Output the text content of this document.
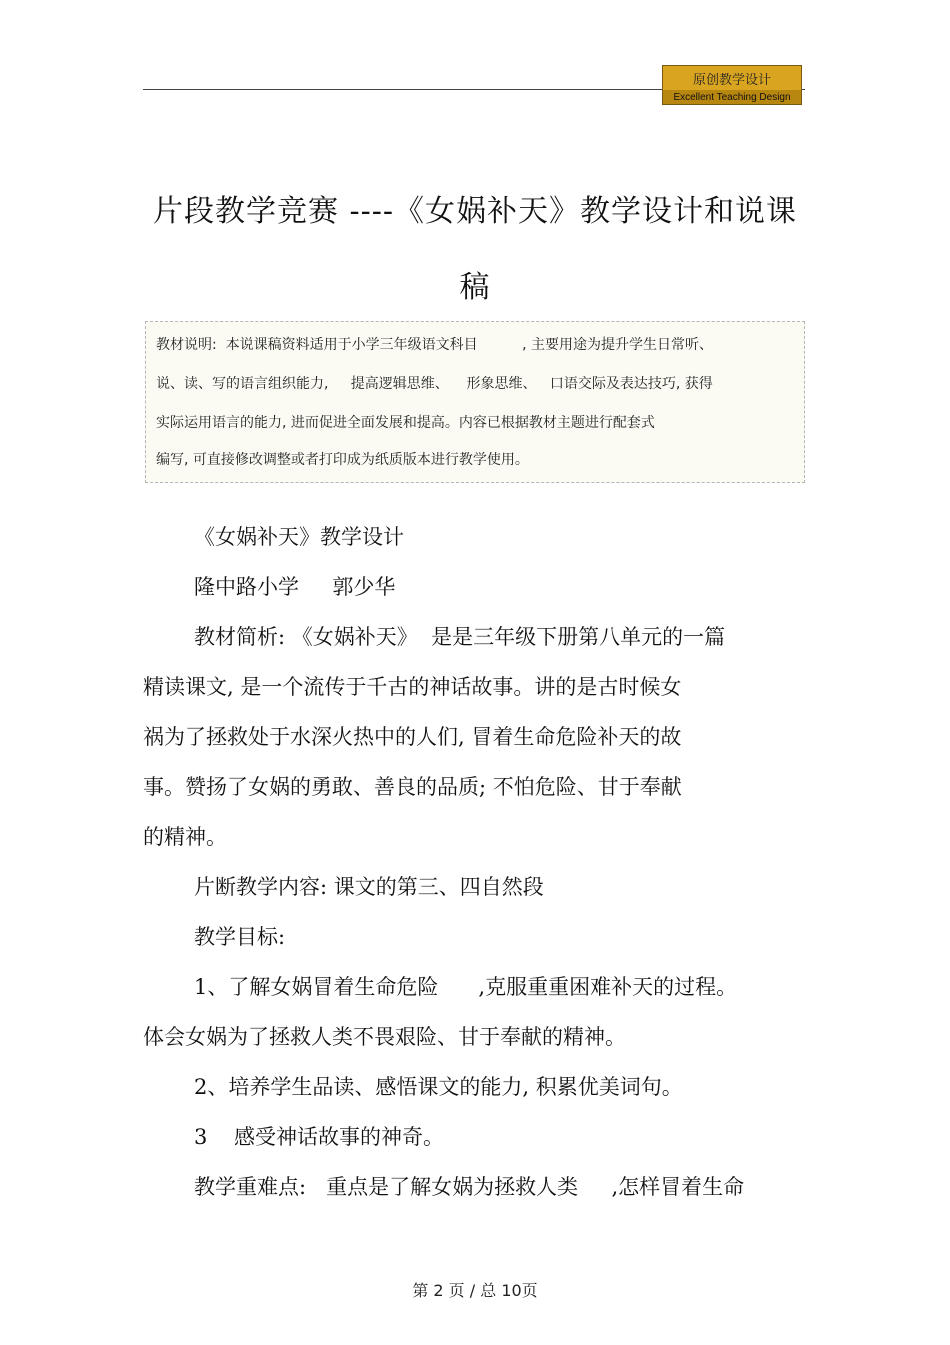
原创教学设计
Excellent Teaching Design
片段教学竞赛 ----《女娲补天》教学设计和说课
稿
教材说明:  本说课稿资料适用于小学三年级语文科目          , 主要用途为提升学生日常听、
说、读、写的语言组织能力,     提高逻辑思维、    形象思维、   口语交际及表达技巧, 获得
实际运用语言的能力, 进而促进全面发展和提高。内容已根据教材主题进行配套式
编写, 可直接修改调整或者打印成为纸质版本进行教学使用。
《女娲补天》教学设计
隆中路小学     郭少华
教材简析: 《女娲补天》  是是三年级下册第八单元的一篇
精读课文, 是一个流传于千古的神话故事。讲的是古时候女
祸为了拯救处于水深火热中的人们, 冒着生命危险补天的故
事。赞扬了女娲的勇敢、善良的品质; 不怕危险、甘于奉献
的精神。
片断教学内容: 课文的第三、四自然段
教学目标:
1、了解女娲冒着生命危险      ,克服重重困难补天的过程。
体会女娲为了拯救人类不畏艰险、甘于奉献的精神。
2、培养学生品读、感悟课文的能力, 积累优美词句。
3    感受神话故事的神奇。
教学重难点:   重点是了解女娲为拯救人类     ,怎样冒着生命
第 2 页 / 总 10页
